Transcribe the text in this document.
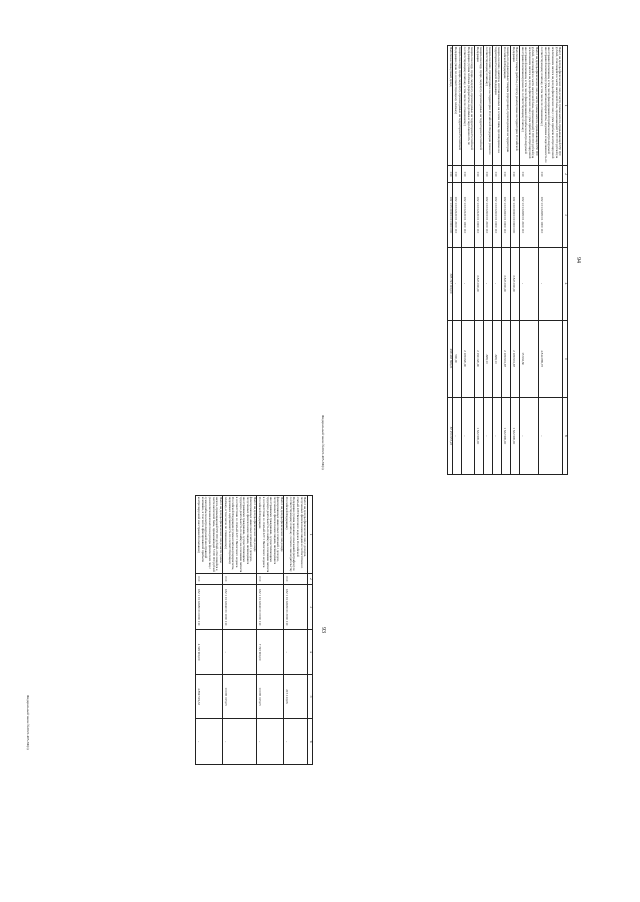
93
1	2	3	4	5	6
Налог на доходы физических лиц с доходов, полученных физическими лицами в соответствии со статьей 228 Налогового кодекса Российской Федерации (сумма денежных взысканий (штрафов) по соответствующему платежу согласно законодательству Российской Федерации)	010	182 1 01 02030 01 3000 110	-	215 113,06	-
Налог на доходы физических лиц в виде фиксированных авансовых платежей с доходов, полученных физическими лицами, являющимися иностранными гражданами, осуществляющими трудовую деятельность по найму на основании патента в соответствии со статьей 227.1 Налогового кодекса Российской Федерации	010	182 1 01 02040 01 0000 110	7 745 900,00	13 095 315,05	-
Налог на доходы физических лиц в виде фиксированных авансовых платежей с доходов, полученных физическими лицами, являющимися иностранными гражданами, осуществляющими трудовую деятельность по найму на основании патента в соответствии со статьей 227.1 Налогового кодекса Российской Федерации (сумма платежа (перерасчеты, недоимка и задолженность по соответствующему платежу, в том числе по отмененному)	010	182 1 01 02040 01 1000 110	-	13 095 315,05	-
Налог на доходы физических лиц в части суммы налога, превышающей 650 000 рублей, относящейся к части налоговой базы, превышающей 5 000 000 рублей (за исключением налога на доходы физических лиц с сумм прибыли контролируемой иностранной компании, в том числе фиксированной прибыли контролируемой иностранной компании)	010	182 1 01 02080 01 0000 110	4 526 900,00	4 869 519,33	-
Федеральный закон №2022-405-ЗФ(з)
94
1	2	3	4	5	6
Налог на доходы физических лиц в части суммы налога, превышающей 650 000 рублей, относящейся к части налоговой базы, превышающей 5 000 000 рублей (за исключением налога на доходы физических лиц с сумм прибыли контролируемой иностранной компании, в том числе фиксированной прибыли контролируемой иностранной компании) (сумма платежа (перерасчеты, недоимка и задолженность по соответствующему платежу, в том числе по отмененному)	010	182 1 01 02080 01 1000 110	-	4 844 886,73	-
Налог на доходы физических лиц в части суммы налога, превышающей 650 000 рублей, относящейся к части налоговой базы, превышающей 5 000 000 рублей (за исключением налога на доходы физических лиц с сумм прибыли контролируемой иностранной компании, в том числе фиксированной прибыли контролируемой иностранной компании) (пени по соответствующему платежу)	010	182 1 01 02080 01 2100 110	-	15 632,60	-
Налоги на товары (работы, услуги), реализуемые на территории Российской Федерации	010	182 1 03 00000 00 0000 000	3 823 000,00	2 189 631,87	1 632 680,00
Акцизы по подакцизным товарам (продукции), производимым на территории Российской Федерации	010	182 1 03 02000 01 0000 110	3 823 000,00	2 189 631,87	1 632 680,00
Акцизы на пиво, напитки, изготавливаемые на основе пива, производимые на территории Российской Федерации	010	182 1 03 02100 01 0000 110	-	-688,13	-
Акцизы на пиво, производимое на территории Российской Федерации (пени по соответствующему платежу)	010	182 1 03 02100 01 2100 110	-	-688,13	-
Акцизы на сидр, пуаре, медовуху, производимые на территории Российской Федерации	010	182 1 03 02120 01 0000 110	3 823 000,00	2 190 320,00	1 632 680,00
Акцизы на сидр, пуаре, медовуху, производимые на территории Российской Федерации (сумма платежа (перерасчеты, недоимка и задолженность по соответствующему платежу, в том числе по отмененному)	010	182 1 03 02120 01 1000 110	-	2 189 820,00	-
Акцизы на сидр, пуаре, медовуху, производимые на территории Российской Федерации (пени по соответствующему платежу)	010	182 1 03 02120 01 2100 110	-	500,00	-
Налоги на совокупный доход	010	182 1 05 00000 00 0000 000	385 747 000,00	298 493 699,31	87 253 957,23
Федеральный закон №2022-405-ЗФ(з)
